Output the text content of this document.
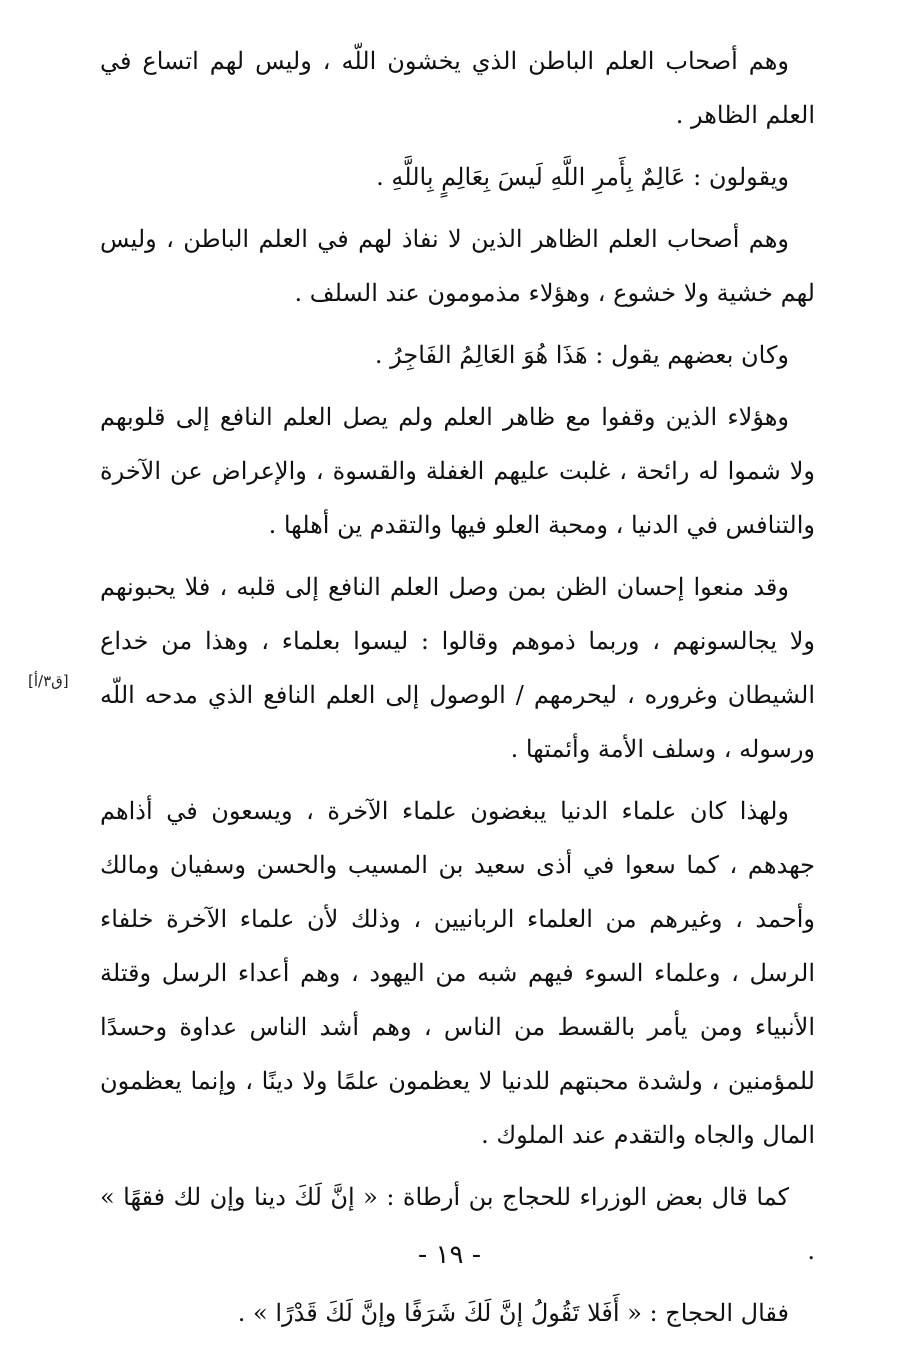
وهم أصحاب العلم الباطن الذي يخشون اللّه ، وليس لهم اتساع في العلم الظاهر .

ويقولون : عَالِمٌ بِأَمرِ اللَّهِ لَيسَ بِعَالِمٍ بِاللَّهِ .

وهم أصحاب العلم الظاهر الذين لا نفاذ لهم في العلم الباطن ، وليس لهم خشية ولا خشوع ، وهؤلاء مذمومون عند السلف .

وكان بعضهم يقول : هَذَا هُوَ العَالِمُ الفَاجِرُ .

وهؤلاء الذين وقفوا مع ظاهر العلم ولم يصل العلم النافع إلى قلوبهم ولا شموا له رائحة ، غلبت عليهم الغفلة والقسوة ، والإعراض عن الآخرة والتنافس في الدنيا ، ومحبة العلو فيها والتقدم ين أهلها .

وقد منعوا إحسان الظن بمن وصل العلم النافع إلى قلبه ، فلا يحبونهم ولا يجالسونهم ، وربما ذموهم وقالوا : ليسوا بعلماء ، وهذا من خداع الشيطان وغروره ، ليحرمهم / الوصول إلى العلم النافع الذي مدحه اللّه ورسوله ، وسلف الأمة وأئمتها .

ولهذا كان علماء الدنيا يبغضون علماء الآخرة ، ويسعون في أذاهم جهدهم ، كما سعوا في أذى سعيد بن المسيب والحسن وسفيان ومالك وأحمد ، وغيرهم من العلماء الربانيين ، وذلك لأن علماء الآخرة خلفاء الرسل ، وعلماء السوء فيهم شبه من اليهود ، وهم أعداء الرسل وقتلة الأنبياء ومن يأمر بالقسط من الناس ، وهم أشد الناس عداوة وحسدًا للمؤمنين ، ولشدة محبتهم للدنيا لا يعظمون علمًا ولا دينًا ، وإنما يعظمون المال والجاه والتقدم عند الملوك .

كما قال بعض الوزراء للحجاج بن أرطاة : « إنَّ لَكَ دينا وإن لك فقهًا » .

فقال الحجاج : « أَفَلا تَقُولُ إنَّ لَكَ شَرَفًا وإنَّ لَكَ قَدْرًا » .

[ق٣/أ]
- ١٩ -
